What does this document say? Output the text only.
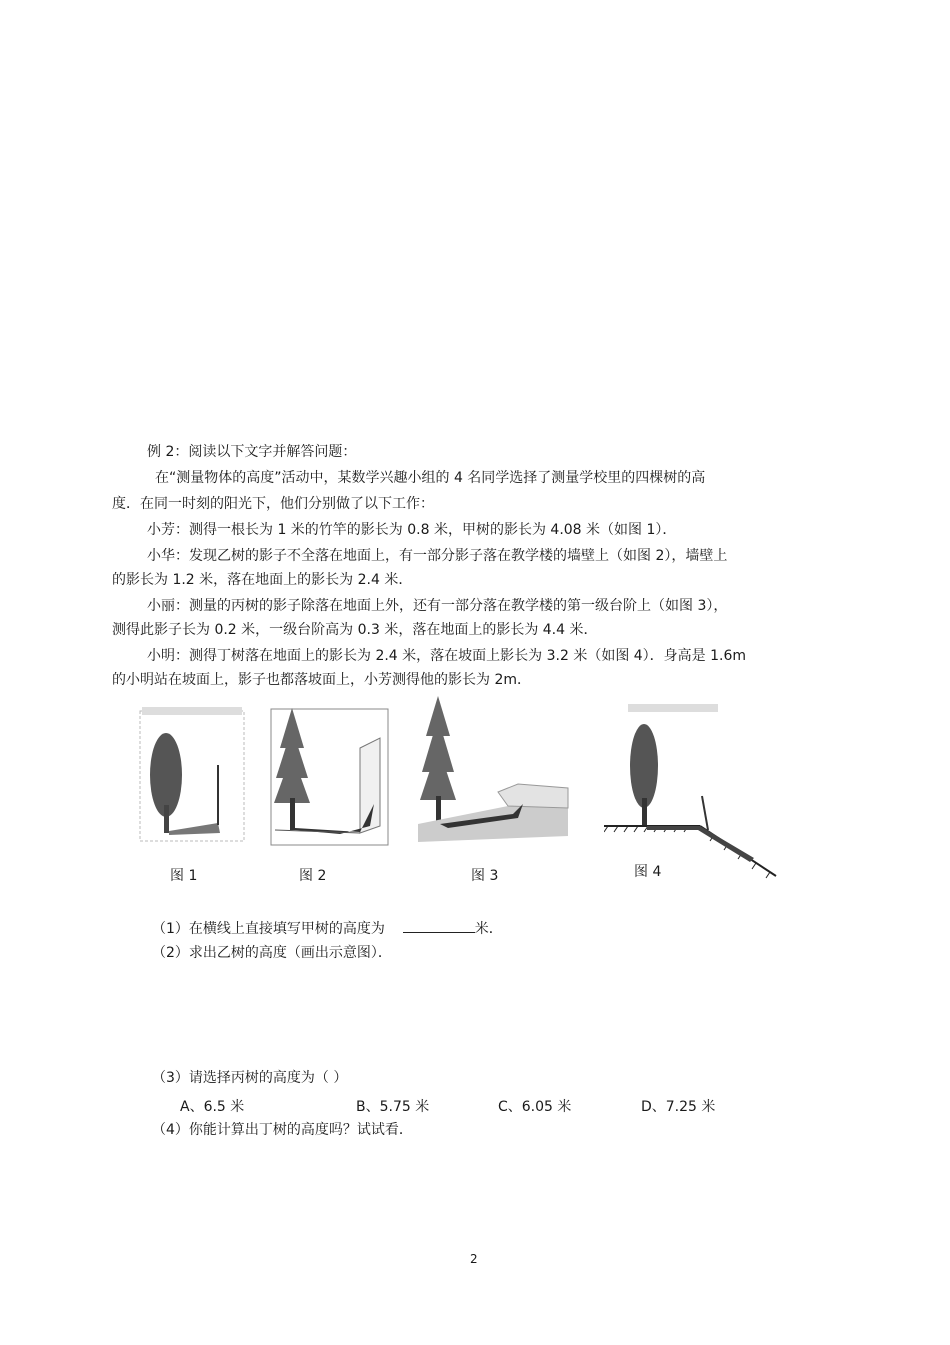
例 2：阅读以下文字并解答问题：
在“测量物体的高度”活动中，某数学兴趣小组的 4 名同学选择了测量学校里的四棵树的高
度．在同一时刻的阳光下，他们分别做了以下工作：
小芳：测得一根长为 1 米的竹竿的影长为 0.8 米，甲树的影长为 4.08 米（如图 1）．
小华：发现乙树的影子不全落在地面上，有一部分影子落在教学楼的墙壁上（如图 2），墙壁上
的影长为 1.2 米，落在地面上的影长为 2.4 米．
小丽：测量的丙树的影子除落在地面上外，还有一部分落在教学楼的第一级台阶上（如图 3），
测得此影子长为 0.2 米，一级台阶高为 0.3 米，落在地面上的影长为 4.4 米．
小明：测得丁树落在地面上的影长为 2.4 米，落在坡面上影长为 3.2 米（如图 4）．身高是 1.6m
的小明站在坡面上，影子也都落坡面上，小芳测得他的影长为 2m．
图 1	图 2	图 3	图 4
（1）在横线上直接填写甲树的高度为	米．
（2）求出乙树的高度（画出示意图）．
（3）请选择丙树的高度为（ ）
A、6.5 米	B、5.75 米	C、6.05 米	D、7.25 米
（4）你能计算出丁树的高度吗？试试看．
2
